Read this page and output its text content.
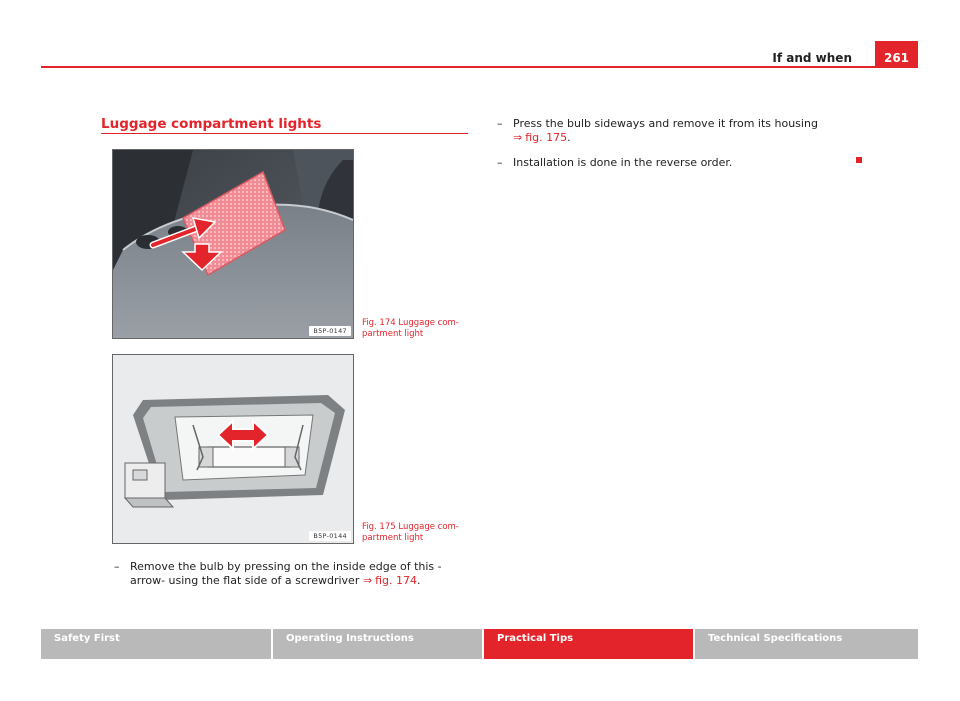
If and when	261
Luggage compartment lights
B5P-0147
Fig. 174 Luggage com-
partment light
B5P-0144
Fig. 175 Luggage com-
partment light
– Remove the bulb by pressing on the inside edge of this -arrow- using the flat side of a screwdriver ⇒ fig. 174.
– Press the bulb sideways and remove it from its housing
⇒ fig. 175.
– Installation is done in the reverse order.
Safety First	Operating Instructions	Practical Tips	Technical Specifications
